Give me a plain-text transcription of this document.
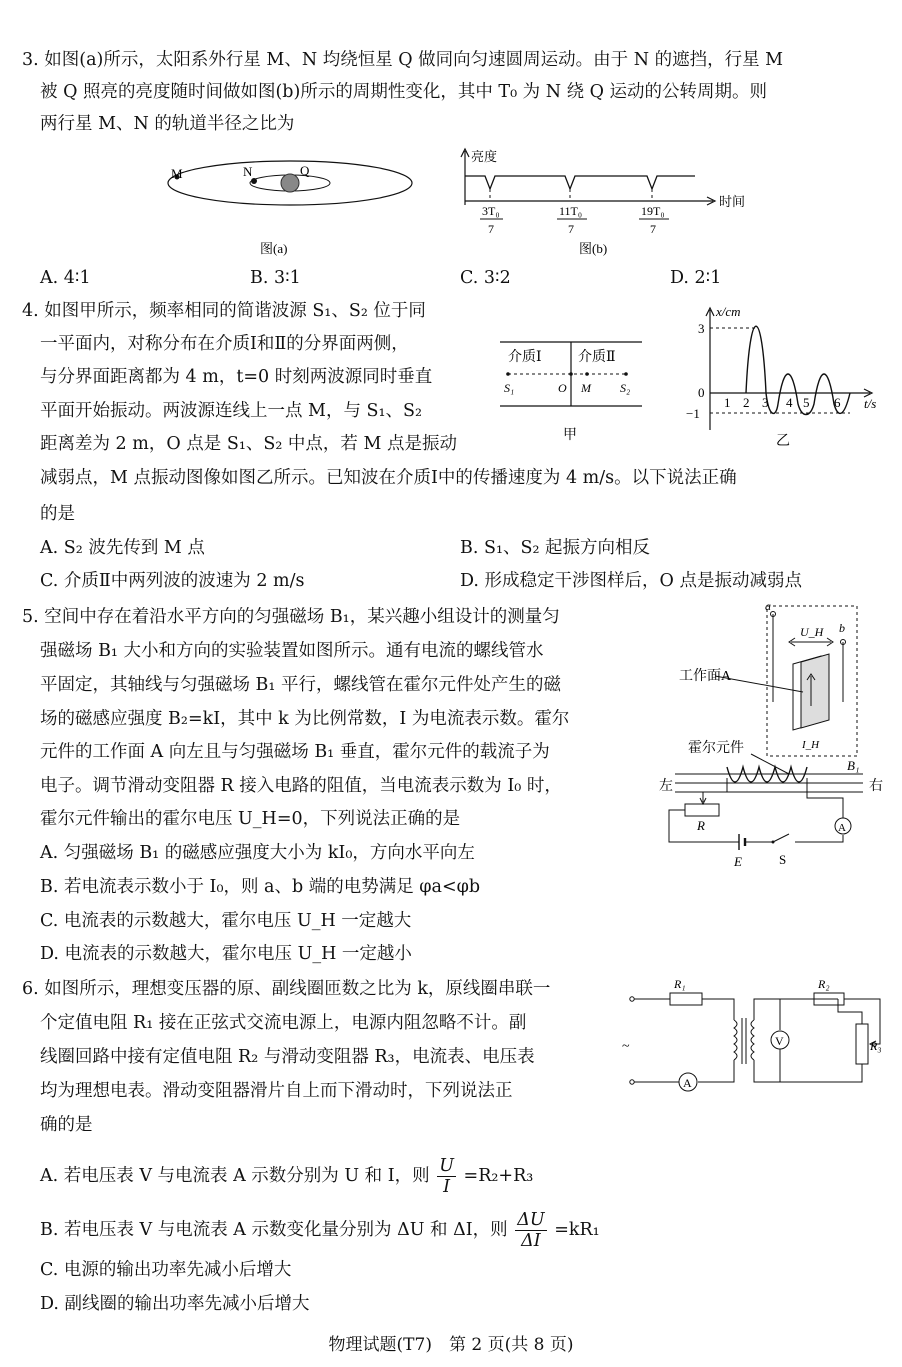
3. 如图(a)所示，太阳系外行星 M、N 均绕恒星 Q 做同向匀速圆周运动。由于 N 的遮挡，行星 M
被 Q 照亮的亮度随时间做如图(b)所示的周期性变化，其中 T₀ 为 N 绕 Q 运动的公转周期。则
两行星 M、N 的轨道半径之比为
M	N	Q
图(a)
亮度
时间
3T₀
7
11T₀
7
19T₀
7
图(b)
A. 4∶1	B. 3∶1	C. 3∶2	D. 2∶1
4. 如图甲所示，频率相同的简谐波源 S₁、S₂ 位于同
一平面内，对称分布在介质Ⅰ和Ⅱ的分界面两侧，
与分界面距离都为 4 m，t=0 时刻两波源同时垂直
平面开始振动。两波源连线上一点 M，与 S₁、S₂
距离差为 2 m，O 点是 S₁、S₂ 中点，若 M 点是振动
减弱点，M 点振动图像如图乙所示。已知波在介质Ⅰ中的传播速度为 4 m/s。以下说法正确
的是
介质Ⅰ	介质Ⅱ
S₁	O M S₂
甲
x/cm
t/s
3
0
−1
1 2 3 4 5 6
乙
A. S₂ 波先传到 M 点	B. S₁、S₂ 起振方向相反
C. 介质Ⅱ中两列波的波速为 2 m/s	D. 形成稳定干涉图样后，O 点是振动减弱点
5. 空间中存在着沿水平方向的匀强磁场 B₁，某兴趣小组设计的测量匀
强磁场 B₁ 大小和方向的实验装置如图所示。通有电流的螺线管水
平固定，其轴线与匀强磁场 B₁ 平行，螺线管在霍尔元件处产生的磁
场的磁感应强度 B₂=kI，其中 k 为比例常数，I 为电流表示数。霍尔
元件的工作面 A 向左且与匀强磁场 B₁ 垂直，霍尔元件的载流子为
电子。调节滑动变阻器 R 接入电路的阻值，当电流表示数为 I₀ 时，
霍尔元件输出的霍尔电压 U_H=0，下列说法正确的是
a
b
U_H
工作面A
I_H
霍尔元件
B₁
左	右
R	A
E	S
A. 匀强磁场 B₁ 的磁感应强度大小为 kI₀，方向水平向左
B. 若电流表示数小于 I₀，则 a、b 端的电势满足 φa<φb
C. 电流表的示数越大，霍尔电压 U_H 一定越大
D. 电流表的示数越大，霍尔电压 U_H 一定越小
6. 如图所示，理想变压器的原、副线圈匝数之比为 k，原线圈串联一
个定值电阻 R₁ 接在正弦式交流电源上，电源内阻忽略不计。副
线圈回路中接有定值电阻 R₂ 与滑动变阻器 R₃，电流表、电压表
均为理想电表。滑动变阻器滑片自上而下滑动时，下列说法正
确的是
R₁	R₂
R₃
V
A
~
A. 若电压表 V 与电流表 A 示数分别为 U 和 I，则 $\frac{U}{I} =R_2+R_3$
B. 若电压表 V 与电流表 A 示数变化量分别为 ΔU 和 ΔI，则 $\frac{\Delta U}{\Delta I} =kR_1$
C. 电源的输出功率先减小后增大
D. 副线圈的输出功率先减小后增大
物理试题(T7)　第 2 页(共 8 页)
